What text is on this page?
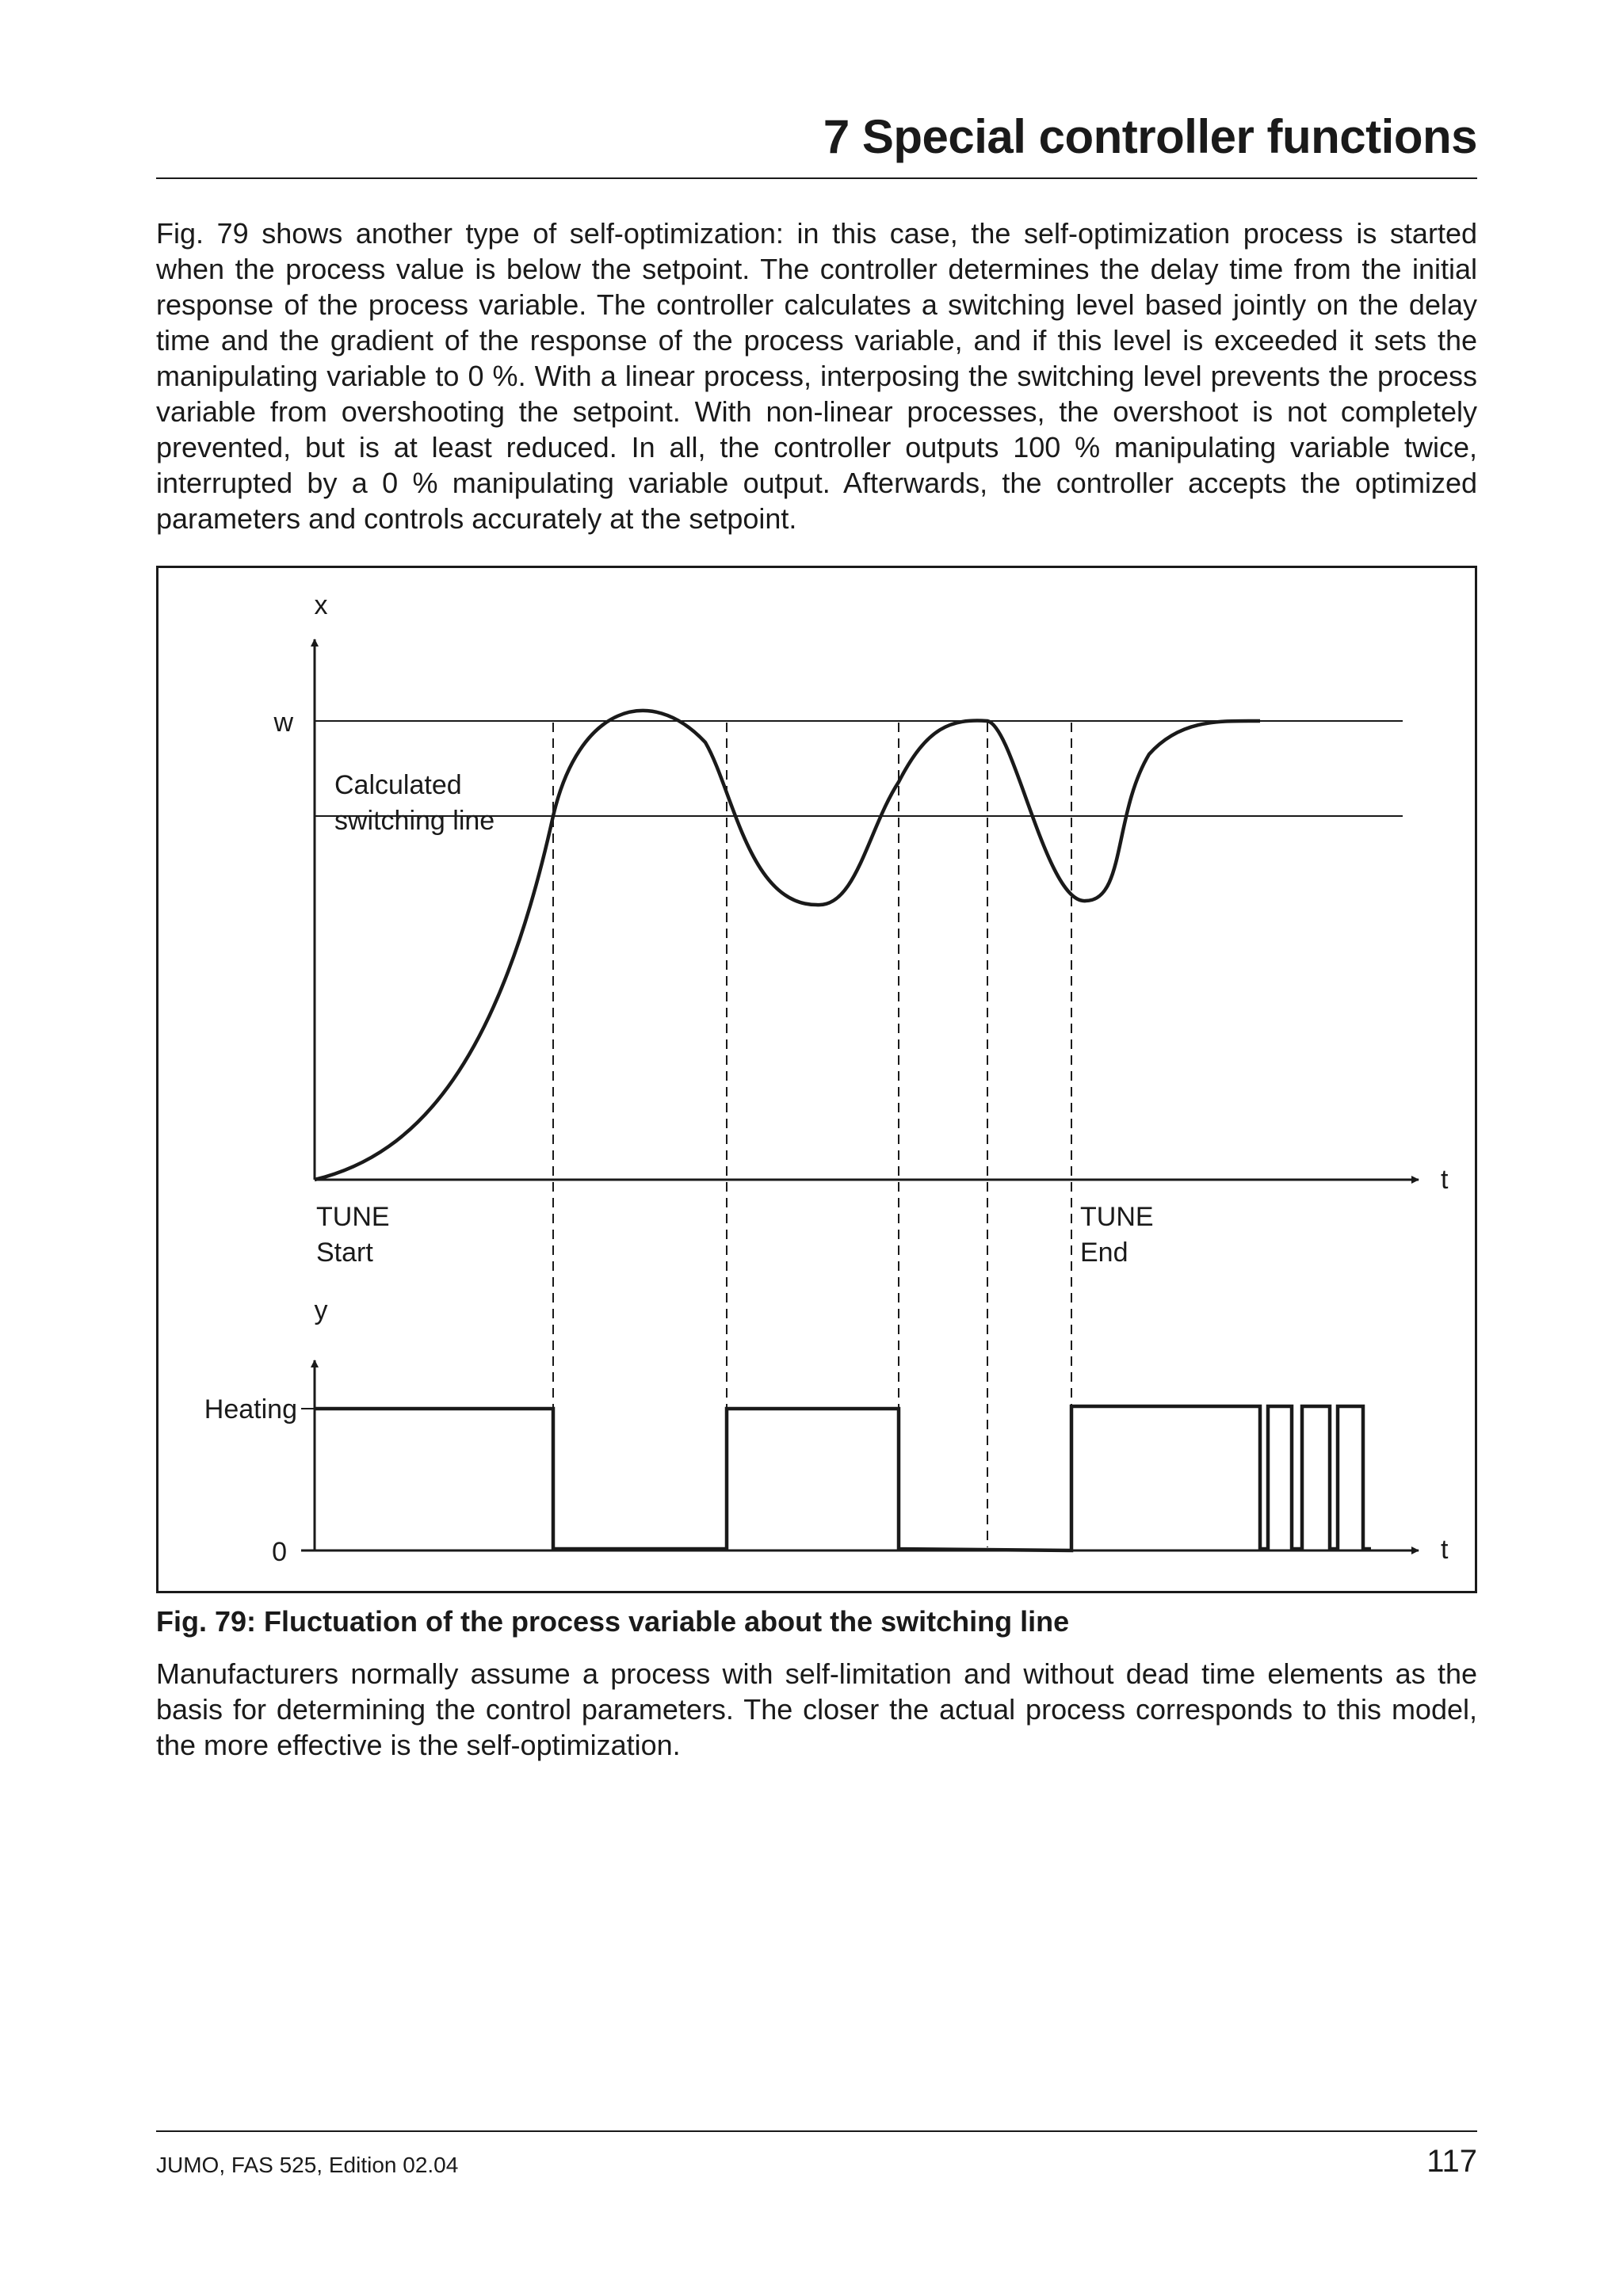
7 Special controller functions

Fig. 79 shows another type of self-optimization: in this case, the self-optimization process is started when the process value is below the setpoint. The controller determines the delay time from the initial response of the process variable. The controller calculates a switching level based jointly on the delay time and the gradient of the response of the process variable, and if this level is exceeded it sets the manipulating variable to 0 %. With a linear process, interposing the switching level prevents the process variable from overshooting the setpoint. With non-linear processes, the overshoot is not completely prevented, but is at least reduced. In all, the controller outputs 100 % manipulating variable twice, interrupted by a 0 % manipulating variable output. Afterwards, the controller accepts the optimized parameters and controls accurately at the setpoint.

x
w
Calculated
switching line
t
TUNE
Start
TUNE
End
y
Heating
0	t
Fig. 79: Fluctuation of the process variable about the switching line

Manufacturers normally assume a process with self-limitation and without dead time elements as the basis for determining the control parameters. The closer the actual process corresponds to this model, the more effective is the self-optimization.

JUMO, FAS 525, Edition 02.04	117
